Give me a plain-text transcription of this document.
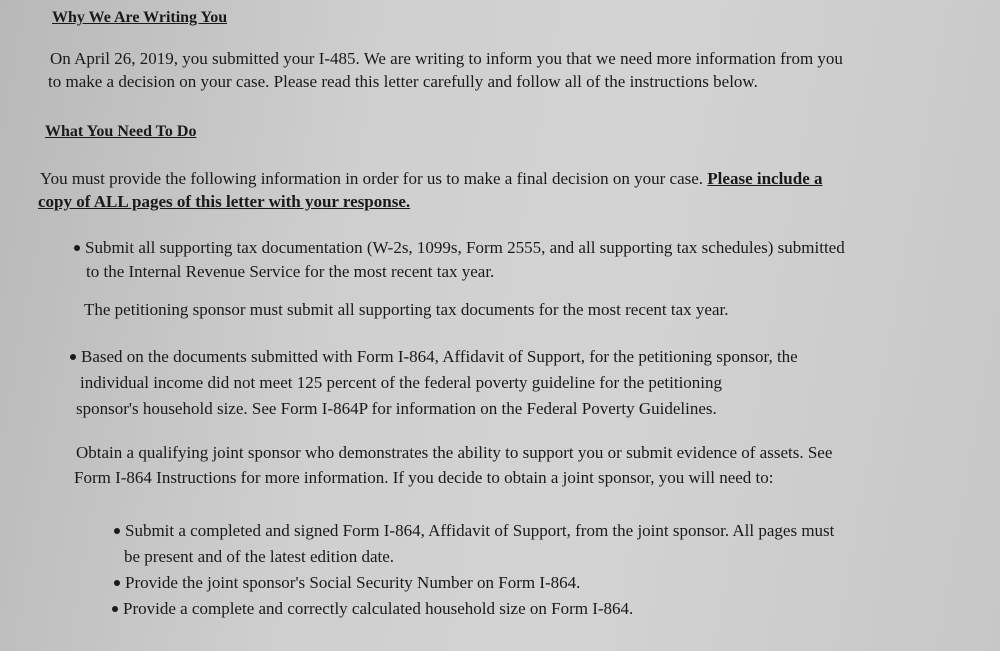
Why We Are Writing You
On April 26, 2019, you submitted your I-485. We are writing to inform you that we need more information from you
to make a decision on your case. Please read this letter carefully and follow all of the instructions below.
What You Need To Do
You must provide the following information in order for us to make a final decision on your case. Please include a
copy of ALL pages of this letter with your response.
Submit all supporting tax documentation (W-2s, 1099s, Form 2555, and all supporting tax schedules) submitted
to the Internal Revenue Service for the most recent tax year.
The petitioning sponsor must submit all supporting tax documents for the most recent tax year.
Based on the documents submitted with Form I-864, Affidavit of Support, for the petitioning sponsor, the
individual income did not meet 125 percent of the federal poverty guideline for the petitioning
sponsor's household size. See Form I-864P for information on the Federal Poverty Guidelines.
Obtain a qualifying joint sponsor who demonstrates the ability to support you or submit evidence of assets. See
Form I-864 Instructions for more information. If you decide to obtain a joint sponsor, you will need to:
Submit a completed and signed Form I-864, Affidavit of Support, from the joint sponsor. All pages must
be present and of the latest edition date.
Provide the joint sponsor's Social Security Number on Form I-864.
Provide a complete and correctly calculated household size on Form I-864.
